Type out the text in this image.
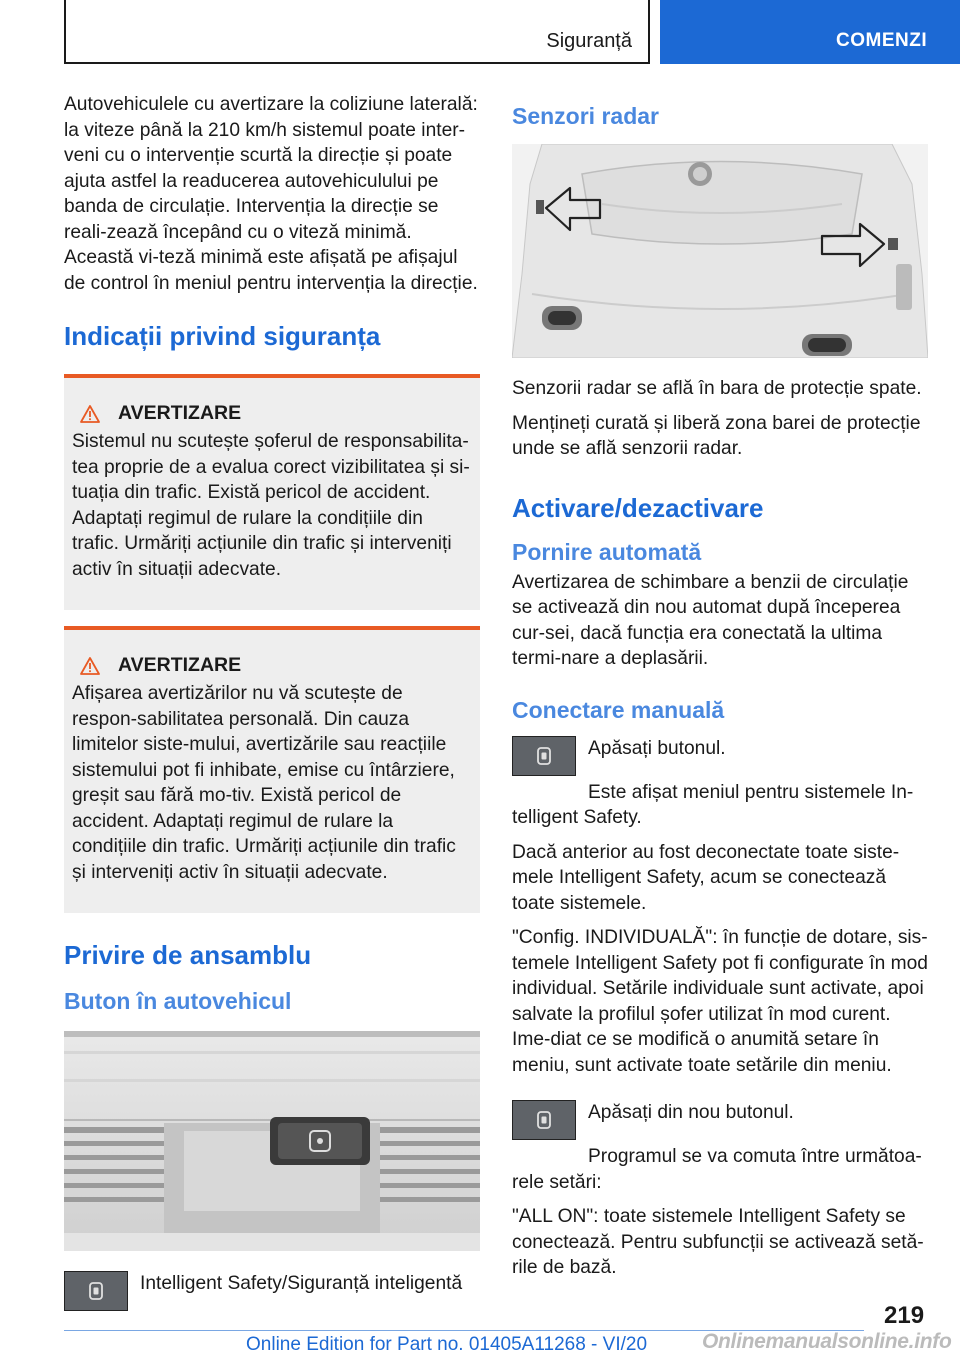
Siguranță	COMENZI

Autovehiculele cu avertizare la coliziune laterală: la viteze până la 210 km/h sistemul poate inter‐veni cu o intervenție scurtă la direcție și poate ajuta astfel la readucerea autovehiculului pe banda de circulație. Intervenția la direcție se reali‐zează începând cu o viteză minimă. Această vi‐teză minimă este afișată pe afișajul de control în meniul pentru intervenția la direcție.

Indicații privind siguranța
AVERTIZARE

Sistemul nu scutește șoferul de responsabilita‐tea proprie de a evalua corect vizibilitatea și si‐tuația din trafic. Există pericol de accident. Adaptați regimul de rulare la condițiile din trafic. Urmăriți acțiunile din trafic și interveniți activ în situații adecvate.

AVERTIZARE

Afișarea avertizărilor nu vă scutește de respon‐sabilitatea personală. Din cauza limitelor siste‐mului, avertizările sau reacțiile sistemului pot fi inhibate, emise cu întârziere, greșit sau fără mo‐tiv. Există pericol de accident. Adaptați regimul de rulare la condițiile din trafic. Urmăriți acțiunile din trafic și interveniți activ în situații adecvate.

Privire de ansamblu
Buton în autovehicul

Intelligent Safety/Siguranță inteligentă

Senzori radar

Senzorii radar se află în bara de protecție spate.

Mențineți curată și liberă zona barei de protecție unde se află senzorii radar.

Activare/dezactivare
Pornire automată

Avertizarea de schimbare a benzii de circulație se activează din nou automat după începerea cur‐sei, dacă funcția era conectată la ultima termi‐nare a deplasării.

Conectare manuală

Apăsați butonul.

Este afișat meniul pentru sistemele In‐telligent Safety.

Dacă anterior au fost deconectate toate siste‐mele Intelligent Safety, acum se conectează toate sistemele.

"Config. INDIVIDUALĂ": în funcție de dotare, sis‐temele Intelligent Safety pot fi configurate în mod individual. Setările individuale sunt activate, apoi salvate la profilul șofer utilizat în mod curent. Ime‐diat ce se modifică o anumită setare în meniu, sunt activate toate setările din meniu.

Apăsați din nou butonul.

Programul se va comuta între următoa‐rele setări:

"ALL ON": toate sistemele Intelligent Safety se conectează. Pentru subfuncții se activează setă‐rile de bază.

219
Online Edition for Part no. 01405A11268 - VI/20	Onlinemanualsonline.info
